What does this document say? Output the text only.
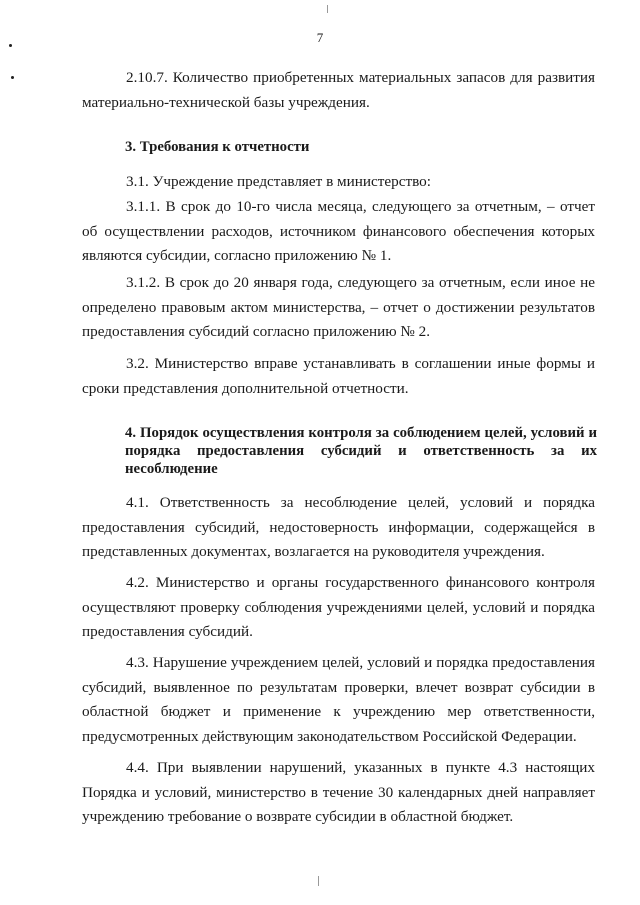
7
2.10.7. Количество приобретенных материальных запасов для развития материально-технической базы учреждения.
3. Требования к отчетности
3.1. Учреждение представляет в министерство:
3.1.1. В срок до 10-го числа месяца, следующего за отчетным, – отчет об осуществлении расходов, источником финансового обеспечения которых являются субсидии, согласно приложению № 1.
3.1.2. В срок до 20 января года, следующего за отчетным, если иное не определено правовым актом министерства, – отчет о достижении результатов предоставления субсидий согласно приложению № 2.
3.2. Министерство вправе устанавливать в соглашении иные формы и сроки представления дополнительной отчетности.
4. Порядок осуществления контроля за соблюдением целей, условий и порядка предоставления субсидий и ответственность за их несоблюдение
4.1. Ответственность за несоблюдение целей, условий и порядка предоставления субсидий, недостоверность информации, содержащейся в представленных документах, возлагается на руководителя учреждения.
4.2. Министерство и органы государственного финансового контроля осуществляют проверку соблюдения учреждениями целей, условий и порядка предоставления субсидий.
4.3. Нарушение учреждением целей, условий и порядка предоставления субсидий, выявленное по результатам проверки, влечет возврат субсидии в областной бюджет и применение к учреждению мер ответственности, предусмотренных действующим законодательством Российской Федерации.
4.4. При выявлении нарушений, указанных в пункте 4.3 настоящих Порядка и условий, министерство в течение 30 календарных дней направляет учреждению требование о возврате субсидии в областной бюджет.
